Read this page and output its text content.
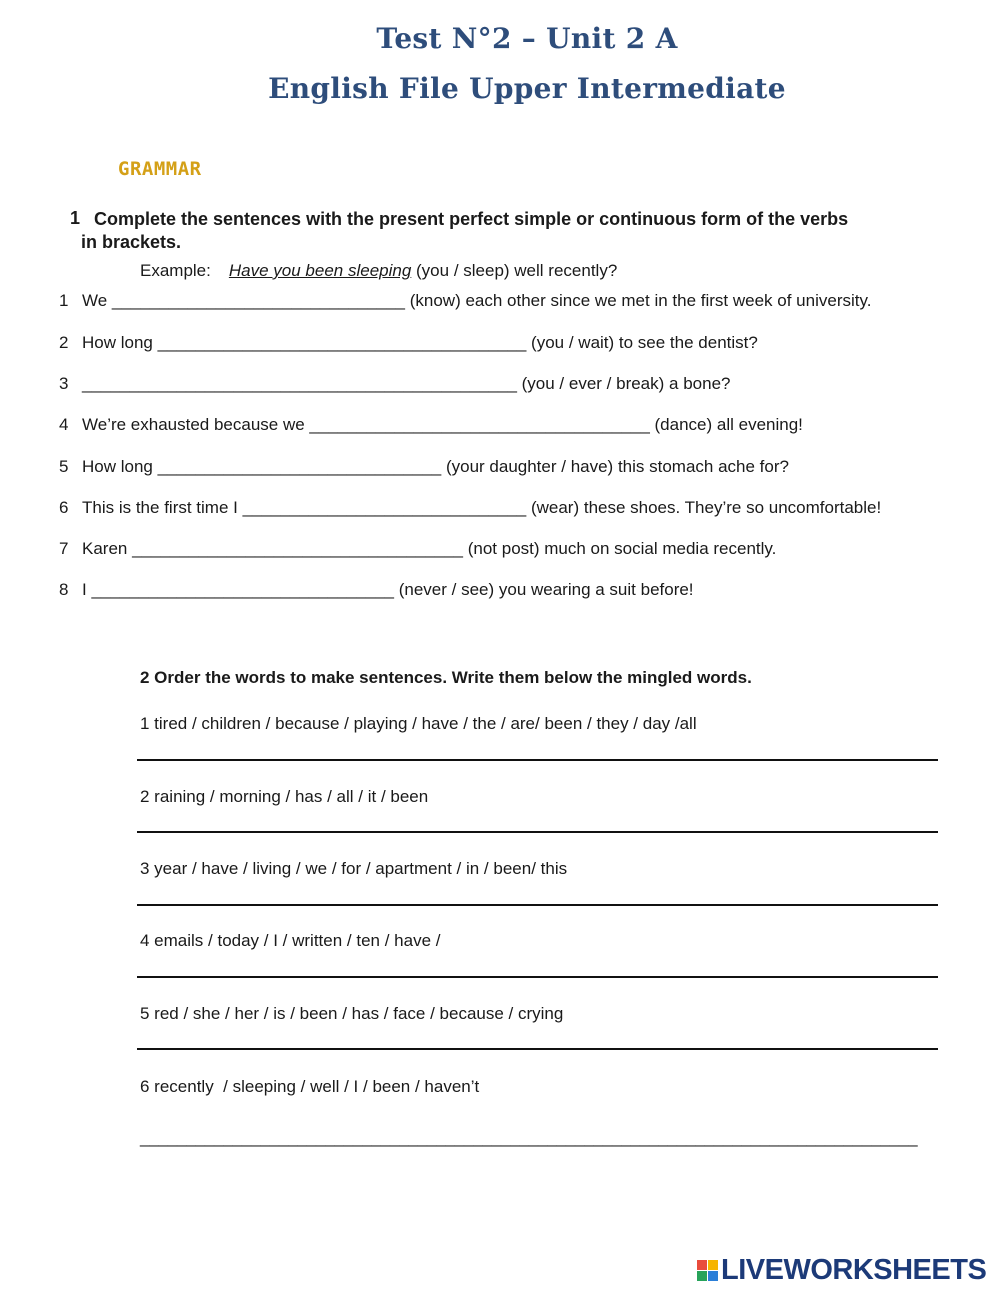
Test N°2 – Unit 2 A
English File Upper Intermediate

GRAMMAR

1 Complete the sentences with the present perfect simple or continuous form of the verbs
in brackets.

Example: Have you been sleeping (you / sleep) well recently?
1 We _______________________________ (know) each other since we met in the first week of university.
2 How long _______________________________________ (you / wait) to see the dentist?
3 ______________________________________________ (you / ever / break) a bone?
4 We’re exhausted because we ____________________________________ (dance) all evening!
5 How long ______________________________ (your daughter / have) this stomach ache for?
6 This is the first time I ______________________________ (wear) these shoes. They’re so uncomfortable!
7 Karen ___________________________________ (not post) much on social media recently.
8 I ________________________________ (never / see) you wearing a suit before!

2 Order the words to make sentences. Write them below the mingled words.

1 tired / children / because / playing / have / the / are/ been / they / day /all
2 raining / morning / has / all / it / been
3 year / have / living / we / for / apartment / in / been/ this
4 emails / today / I / written / ten / have /
5 red / she / her / is / been / has / face / because / crying
6 recently  / sleeping / well / I / been / haven’t
____________________________________________________________________________________
LIVEWORKSHEETS
